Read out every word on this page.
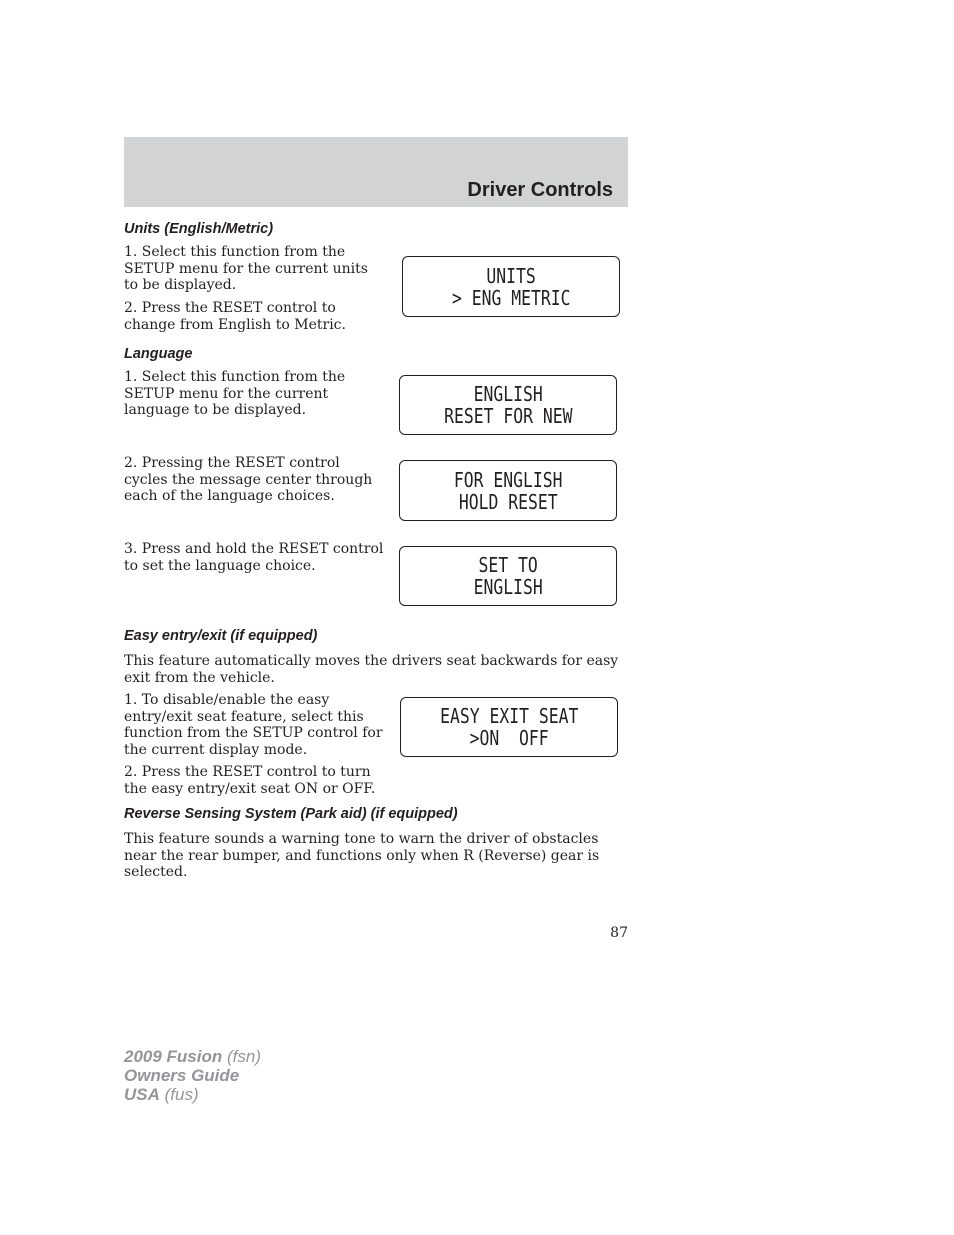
Driver Controls
Units (English/Metric)
1. Select this function from the SETUP menu for the current units to be displayed.
2. Press the RESET control to change from English to Metric.
UNITS
> ENG METRIC
Language
1. Select this function from the SETUP menu for the current language to be displayed.
ENGLISH
RESET FOR NEW
2. Pressing the RESET control cycles the message center through each of the language choices.
FOR ENGLISH
HOLD RESET
3. Press and hold the RESET control to set the language choice.	SET TO
ENGLISH
Easy entry/exit (if equipped)
This feature automatically moves the drivers seat backwards for easy exit from the vehicle.
1. To disable/enable the easy entry/exit seat feature, select this function from the SETUP control for the current display mode.
2. Press the RESET control to turn the easy entry/exit seat ON or OFF.
EASY EXIT SEAT
>ON  OFF
Reverse Sensing System (Park aid) (if equipped)
This feature sounds a warning tone to warn the driver of obstacles near the rear bumper, and functions only when R (Reverse) gear is selected.
87
2009 Fusion (fsn)
Owners Guide
USA (fus)
